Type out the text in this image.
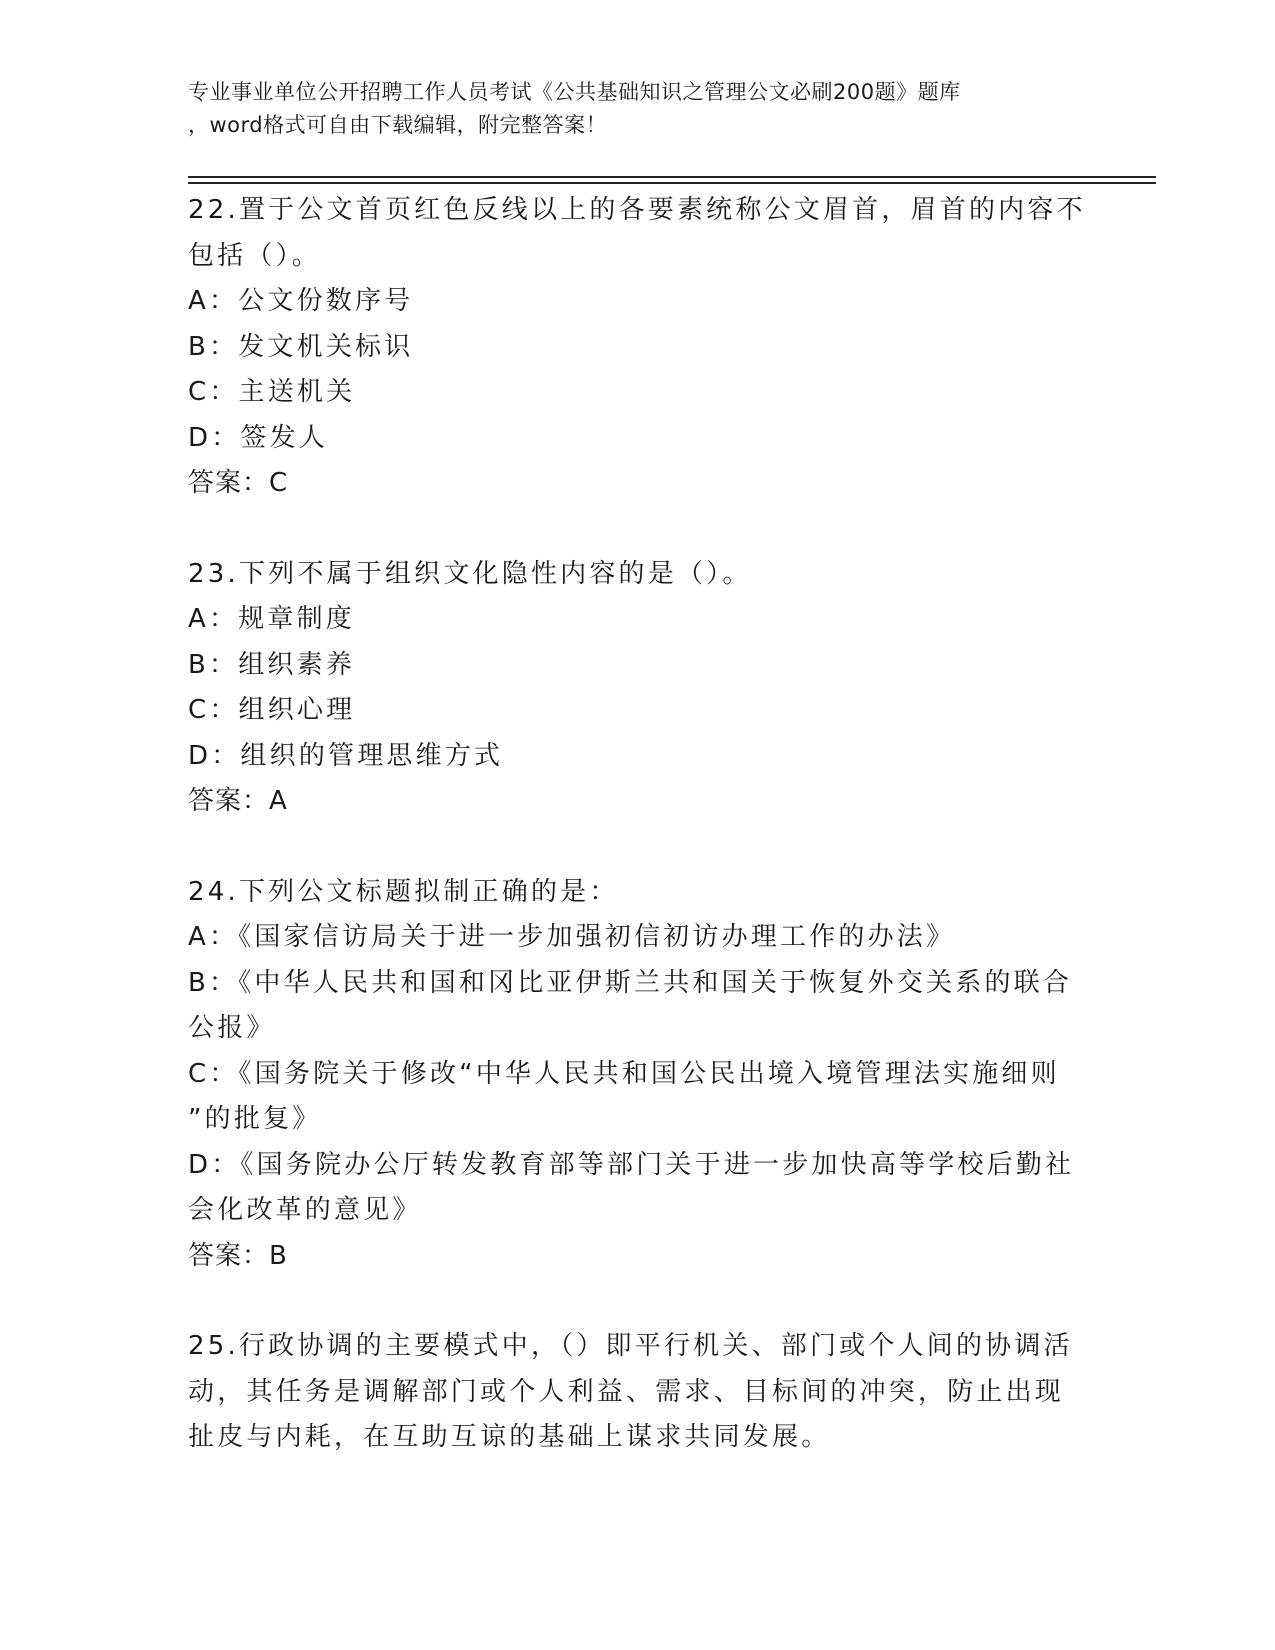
专业事业单位公开招聘工作人员考试《公共基础知识之管理公文必刷200题》题库
，word格式可自由下载编辑，附完整答案！
22.置于公文首页红色反线以上的各要素统称公文眉首，眉首的内容不
包括（）。
A：公文份数序号
B：发文机关标识
C：主送机关
D：签发人
答案：C
23.下列不属于组织文化隐性内容的是（）。
A：规章制度
B：组织素养
C：组织心理
D：组织的管理思维方式
答案：A
24.下列公文标题拟制正确的是：
A：《国家信访局关于进一步加强初信初访办理工作的办法》
B：《中华人民共和国和冈比亚伊斯兰共和国关于恢复外交关系的联合
公报》
C：《国务院关于修改“中华人民共和国公民出境入境管理法实施细则
”的批复》
D：《国务院办公厅转发教育部等部门关于进一步加快高等学校后勤社
会化改革的意见》
答案：B
25.行政协调的主要模式中，（）即平行机关、部门或个人间的协调活
动，其任务是调解部门或个人利益、需求、目标间的冲突，防止出现
扯皮与内耗，在互助互谅的基础上谋求共同发展。
